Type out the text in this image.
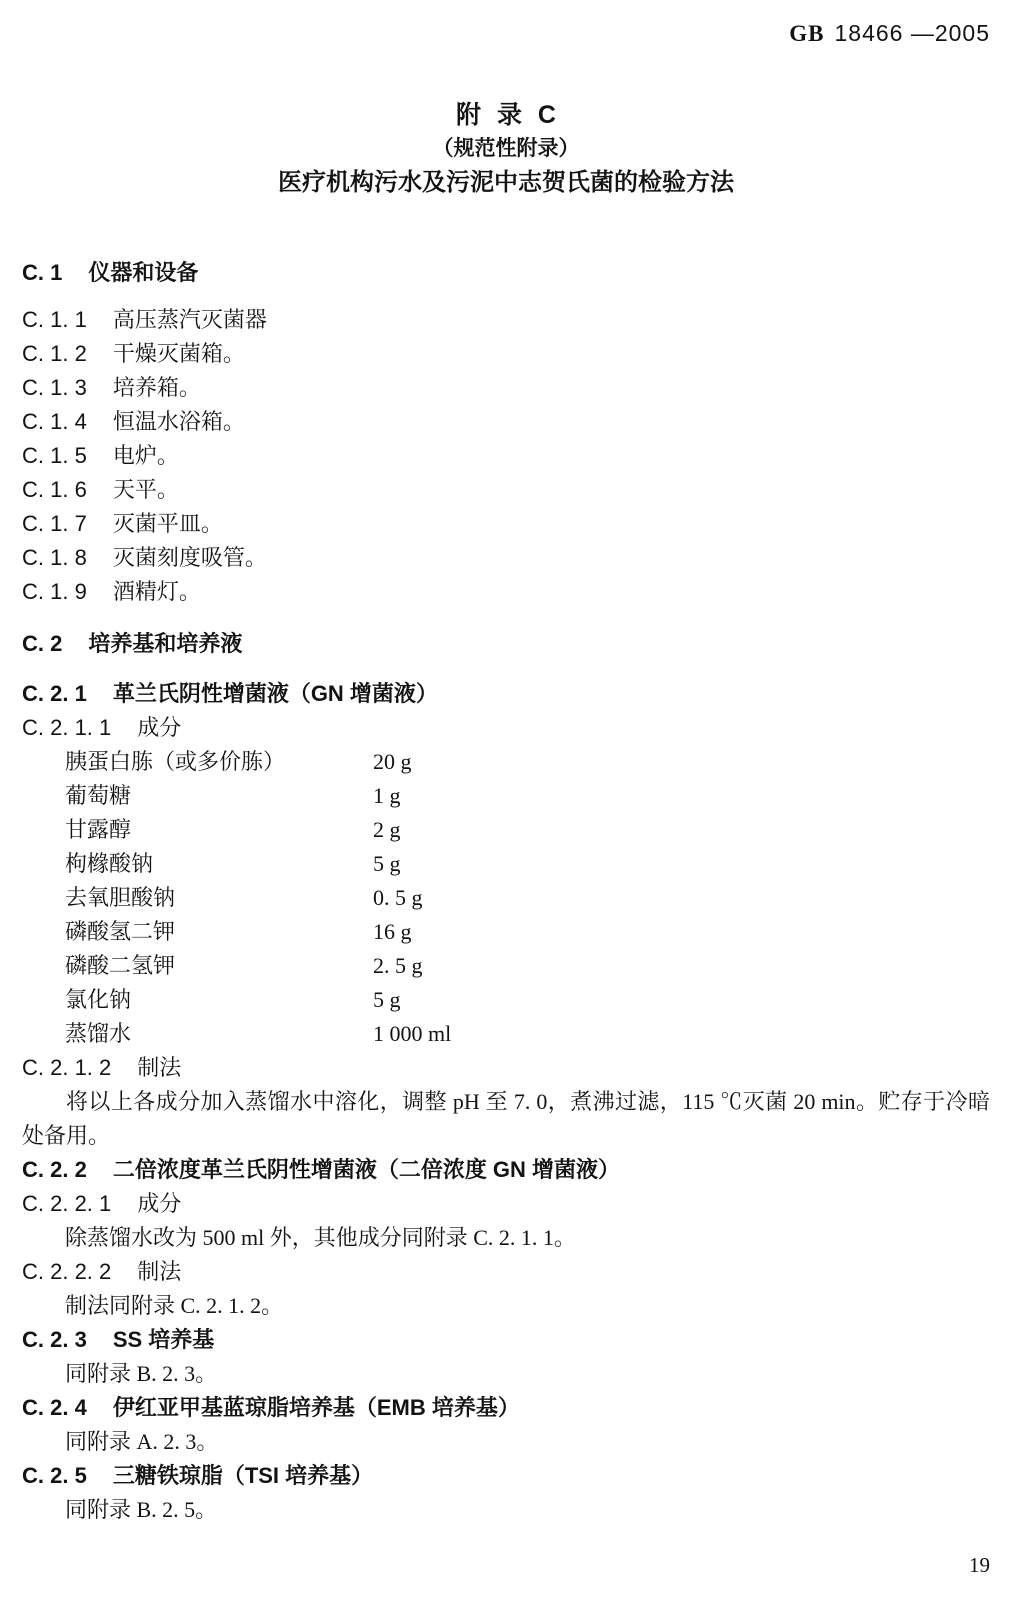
GB 18466 —2005
附 录 C
（规范性附录）
医疗机构污水及污泥中志贺氏菌的检验方法
C. 1 仪器和设备
C. 1. 1 高压蒸汽灭菌器
C. 1. 2 干燥灭菌箱。
C. 1. 3 培养箱。
C. 1. 4 恒温水浴箱。
C. 1. 5 电炉。
C. 1. 6 天平。
C. 1. 7 灭菌平皿。
C. 1. 8 灭菌刻度吸管。
C. 1. 9 酒精灯。
C. 2 培养基和培养液
C. 2. 1 革兰氏阴性增菌液（GN 增菌液）
C. 2. 1. 1 成分
胰蛋白胨（或多价胨）	20 g
葡萄糖	1 g
甘露醇	2 g
枸橼酸钠	5 g
去氧胆酸钠	0. 5 g
磷酸氢二钾	16 g
磷酸二氢钾	2. 5 g
氯化钠	5 g
蒸馏水	1 000 ml
C. 2. 1. 2 制法

将以上各成分加入蒸馏水中溶化，调整 pH 至 7. 0，煮沸过滤，115 ℃灭菌 20 min。贮存于冷暗处备用。

C. 2. 2 二倍浓度革兰氏阴性增菌液（二倍浓度 GN 增菌液）
C. 2. 2. 1 成分
除蒸馏水改为 500 ml 外，其他成分同附录 C. 2. 1. 1。
C. 2. 2. 2 制法
制法同附录 C. 2. 1. 2。
C. 2. 3 SS 培养基
同附录 B. 2. 3。
C. 2. 4 伊红亚甲基蓝琼脂培养基（EMB 培养基）
同附录 A. 2. 3。
C. 2. 5 三糖铁琼脂（TSI 培养基）
同附录 B. 2. 5。
19
